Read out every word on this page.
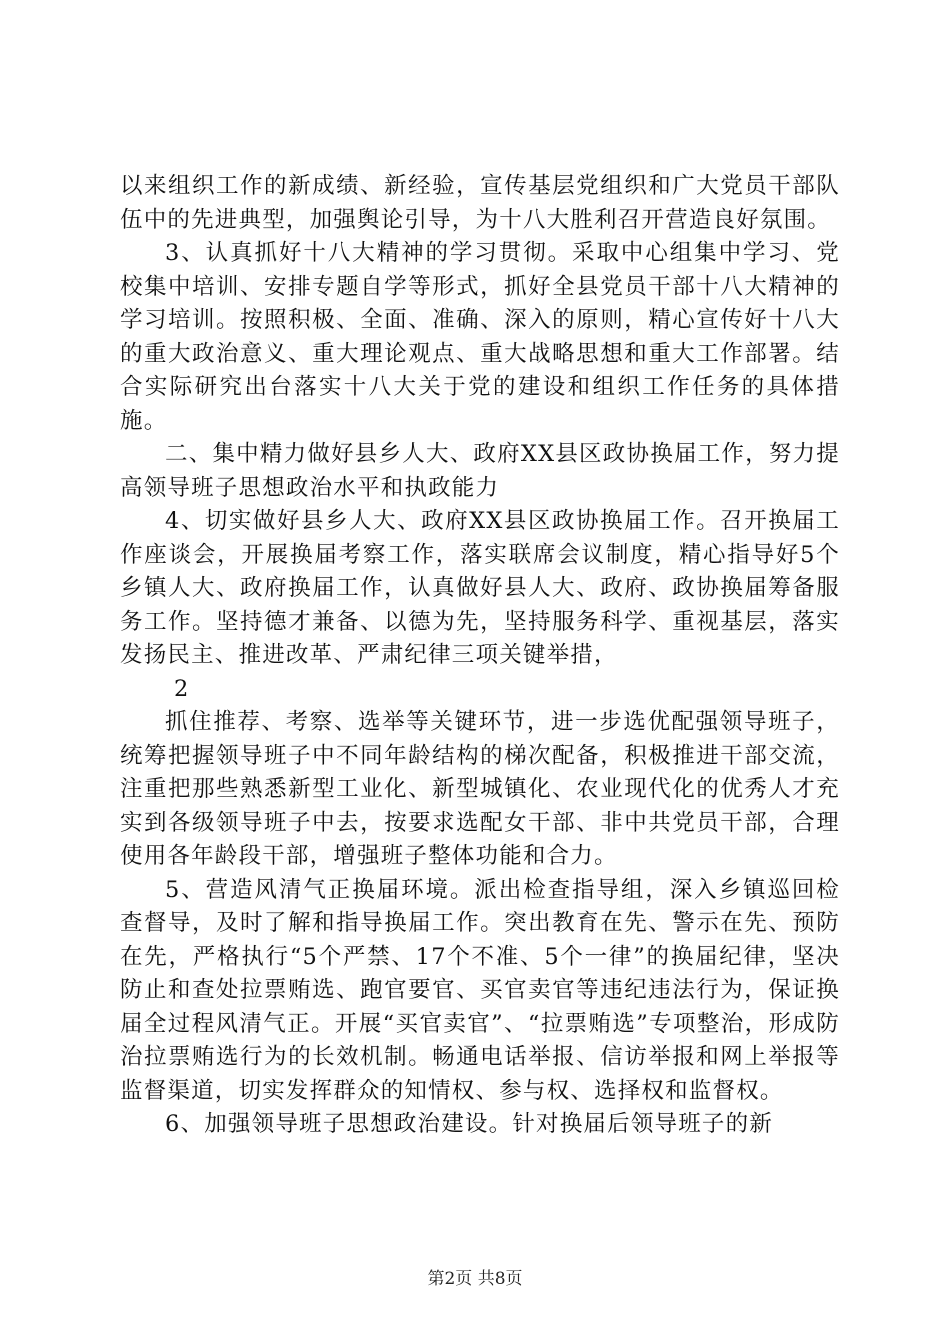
以来组织工作的新成绩、新经验，宣传基层党组织和广大党员干部队伍中的先进典型，加强舆论引导，为十八大胜利召开营造良好氛围。

3、认真抓好十八大精神的学习贯彻。采取中心组集中学习、党校集中培训、安排专题自学等形式，抓好全县党员干部十八大精神的学习培训。按照积极、全面、准确、深入的原则，精心宣传好十八大的重大政治意义、重大理论观点、重大战略思想和重大工作部署。结合实际研究出台落实十八大关于党的建设和组织工作任务的具体措施。

二、集中精力做好县乡人大、政府XX县区政协换届工作，努力提高领导班子思想政治水平和执政能力

4、切实做好县乡人大、政府XX县区政协换届工作。召开换届工作座谈会，开展换届考察工作，落实联席会议制度，精心指导好5个乡镇人大、政府换届工作，认真做好县人大、政府、政协换届筹备服务工作。坚持德才兼备、以德为先，坚持服务科学、重视基层，落实发扬民主、推进改革、严肃纪律三项关键举措，

2

抓住推荐、考察、选举等关键环节，进一步选优配强领导班子，统筹把握领导班子中不同年龄结构的梯次配备，积极推进干部交流，注重把那些熟悉新型工业化、新型城镇化、农业现代化的优秀人才充实到各级领导班子中去，按要求选配女干部、非中共党员干部，合理使用各年龄段干部，增强班子整体功能和合力。

5、营造风清气正换届环境。派出检查指导组，深入乡镇巡回检查督导，及时了解和指导换届工作。突出教育在先、警示在先、预防在先，严格执行“5个严禁、17个不准、5个一律”的换届纪律，坚决防止和查处拉票贿选、跑官要官、买官卖官等违纪违法行为，保证换届全过程风清气正。开展“买官卖官”、“拉票贿选”专项整治，形成防治拉票贿选行为的长效机制。畅通电话举报、信访举报和网上举报等监督渠道，切实发挥群众的知情权、参与权、选择权和监督权。

6、加强领导班子思想政治建设。针对换届后领导班子的新

第2页 共8页
